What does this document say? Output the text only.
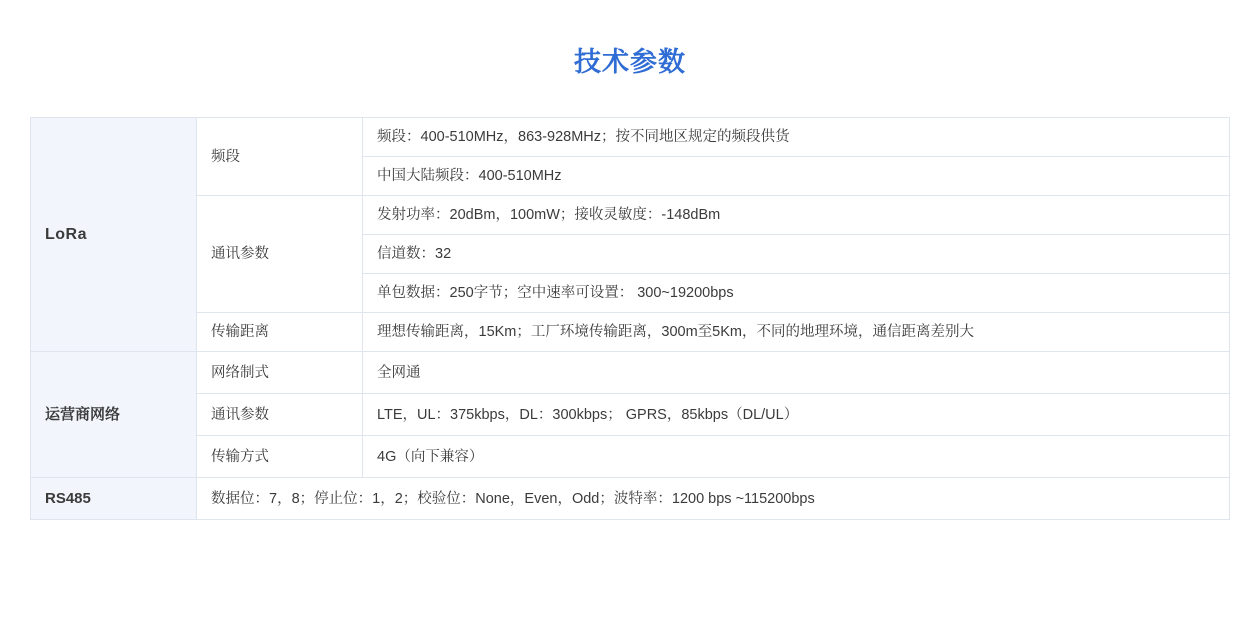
技术参数
LoRa	频段	频段：400-510MHz，863-928MHz；按不同地区规定的频段供货
		中国大陆频段：400-510MHz
	通讯参数	发射功率：20dBm，100mW；接收灵敏度：-148dBm
		信道数：32
		单包数据：250字节；空中速率可设置： 300~19200bps
	传输距离	理想传输距离，15Km；工厂环境传输距离，300m至5Km，不同的地理环境，通信距离差别大
运营商网络	网络制式	全网通
	通讯参数	LTE，UL：375kbps，DL：300kbps； GPRS，85kbps（DL/UL）
	传输方式	4G（向下兼容）
RS485	数据位：7，8；停止位：1，2；校验位：None，Even，Odd；波特率：1200 bps ~115200bps	
